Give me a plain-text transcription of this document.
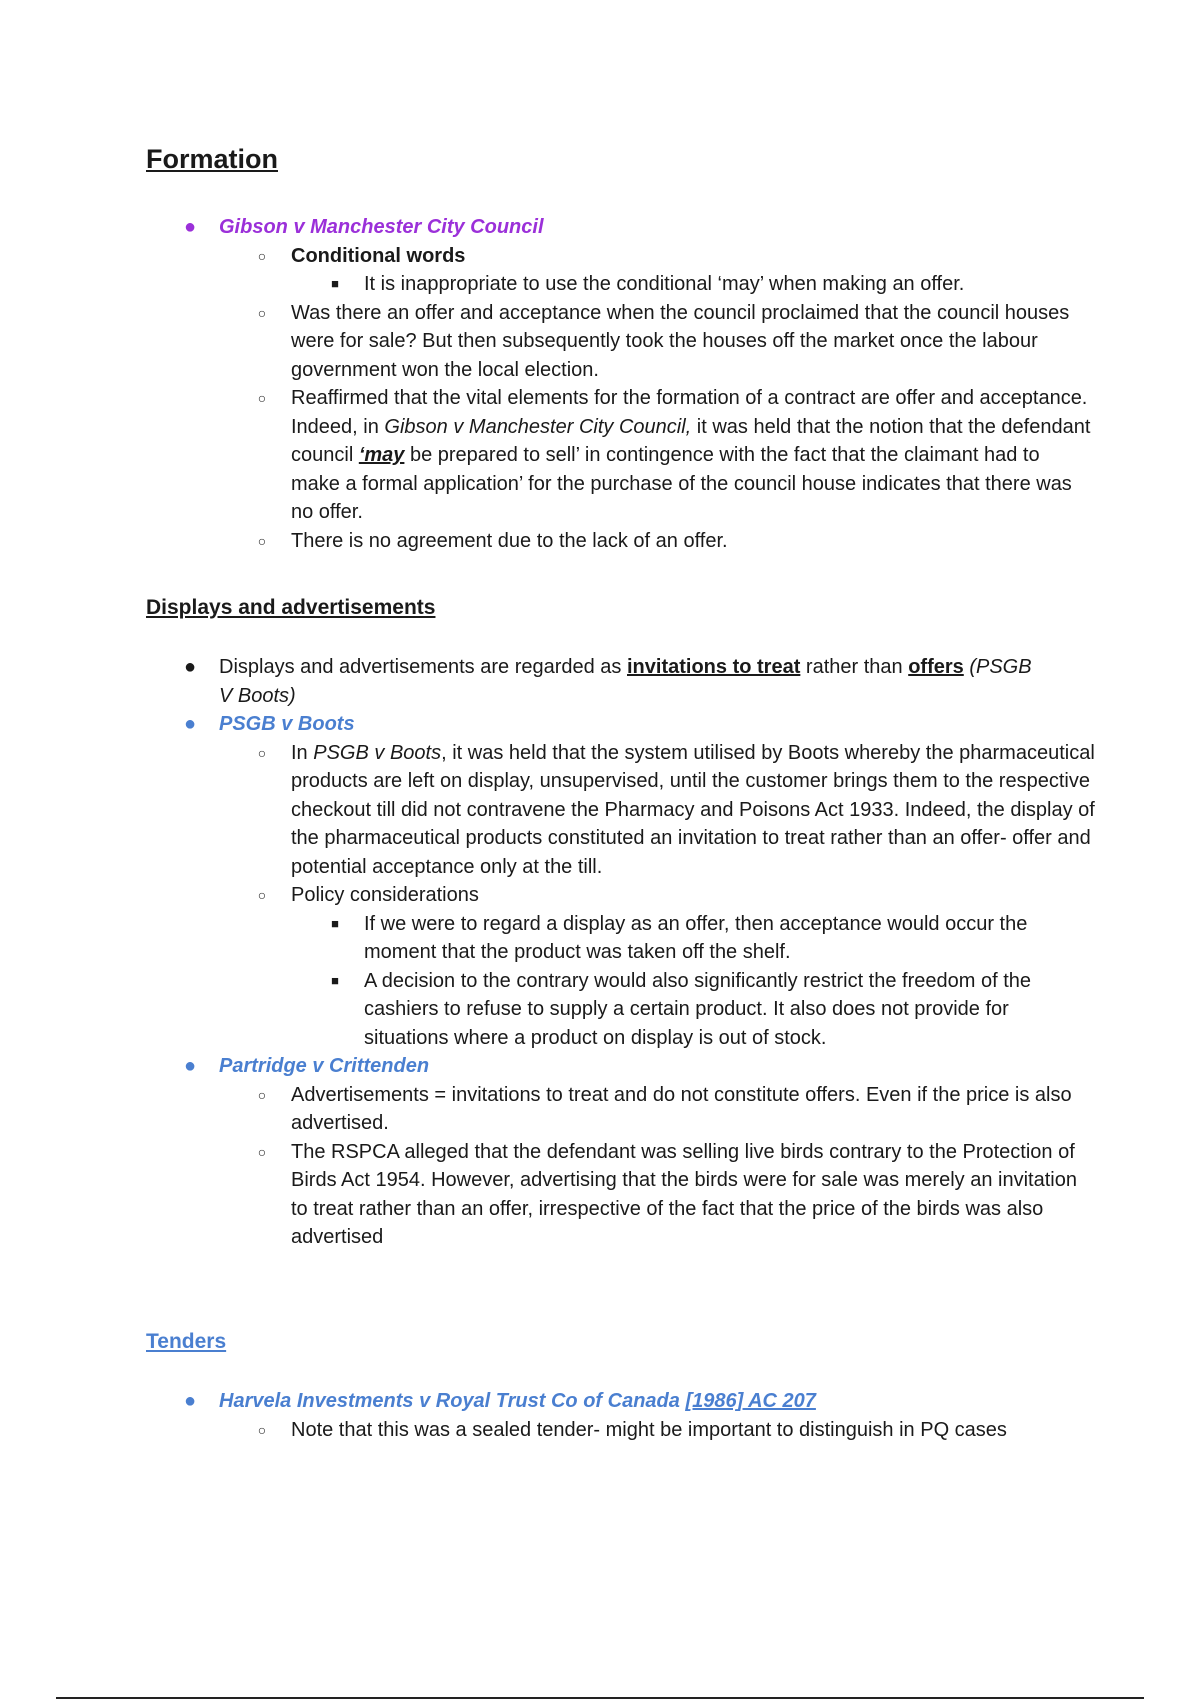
Formation
● Gibson v Manchester City Council
○	Conditional words
■	It is inappropriate to use the conditional ‘may’ when making an offer.
○	Was there an offer and acceptance when the council proclaimed that the council houses were for sale? But then subsequently took the houses off the market once the labour government won the local election.
○	Reaffirmed that the vital elements for the formation of a contract are offer and acceptance. Indeed, in Gibson v Manchester City Council, it was held that the notion that the defendant council ‘may be prepared to sell’ in contingence with the fact that the claimant had to make a formal application’ for the purchase of the council house indicates that there was no offer.
○	There is no agreement due to the lack of an offer.
Displays and advertisements
● Displays and advertisements are regarded as invitations to treat rather than offers (PSGB V Boots)
● PSGB v Boots
○	In PSGB v Boots, it was held that the system utilised by Boots whereby the pharmaceutical products are left on display, unsupervised, until the customer brings them to the respective checkout till did not contravene the Pharmacy and Poisons Act 1933. Indeed, the display of the pharmaceutical products constituted an invitation to treat rather than an offer- offer and potential acceptance only at the till.
○	Policy considerations
■	If we were to regard a display as an offer, then acceptance would occur the moment that the product was taken off the shelf.
■	A decision to the contrary would also significantly restrict the freedom of the cashiers to refuse to supply a certain product. It also does not provide for situations where a product on display is out of stock.
● Partridge v Crittenden
○	Advertisements = invitations to treat and do not constitute offers. Even if the price is also advertised.
○	The RSPCA alleged that the defendant was selling live birds contrary to the Protection of Birds Act 1954. However, advertising that the birds were for sale was merely an invitation to treat rather than an offer, irrespective of the fact that the price of the birds was also advertised
Tenders
● Harvela Investments v Royal Trust Co of Canada [1986] AC 207
○	Note that this was a sealed tender- might be important to distinguish in PQ cases
